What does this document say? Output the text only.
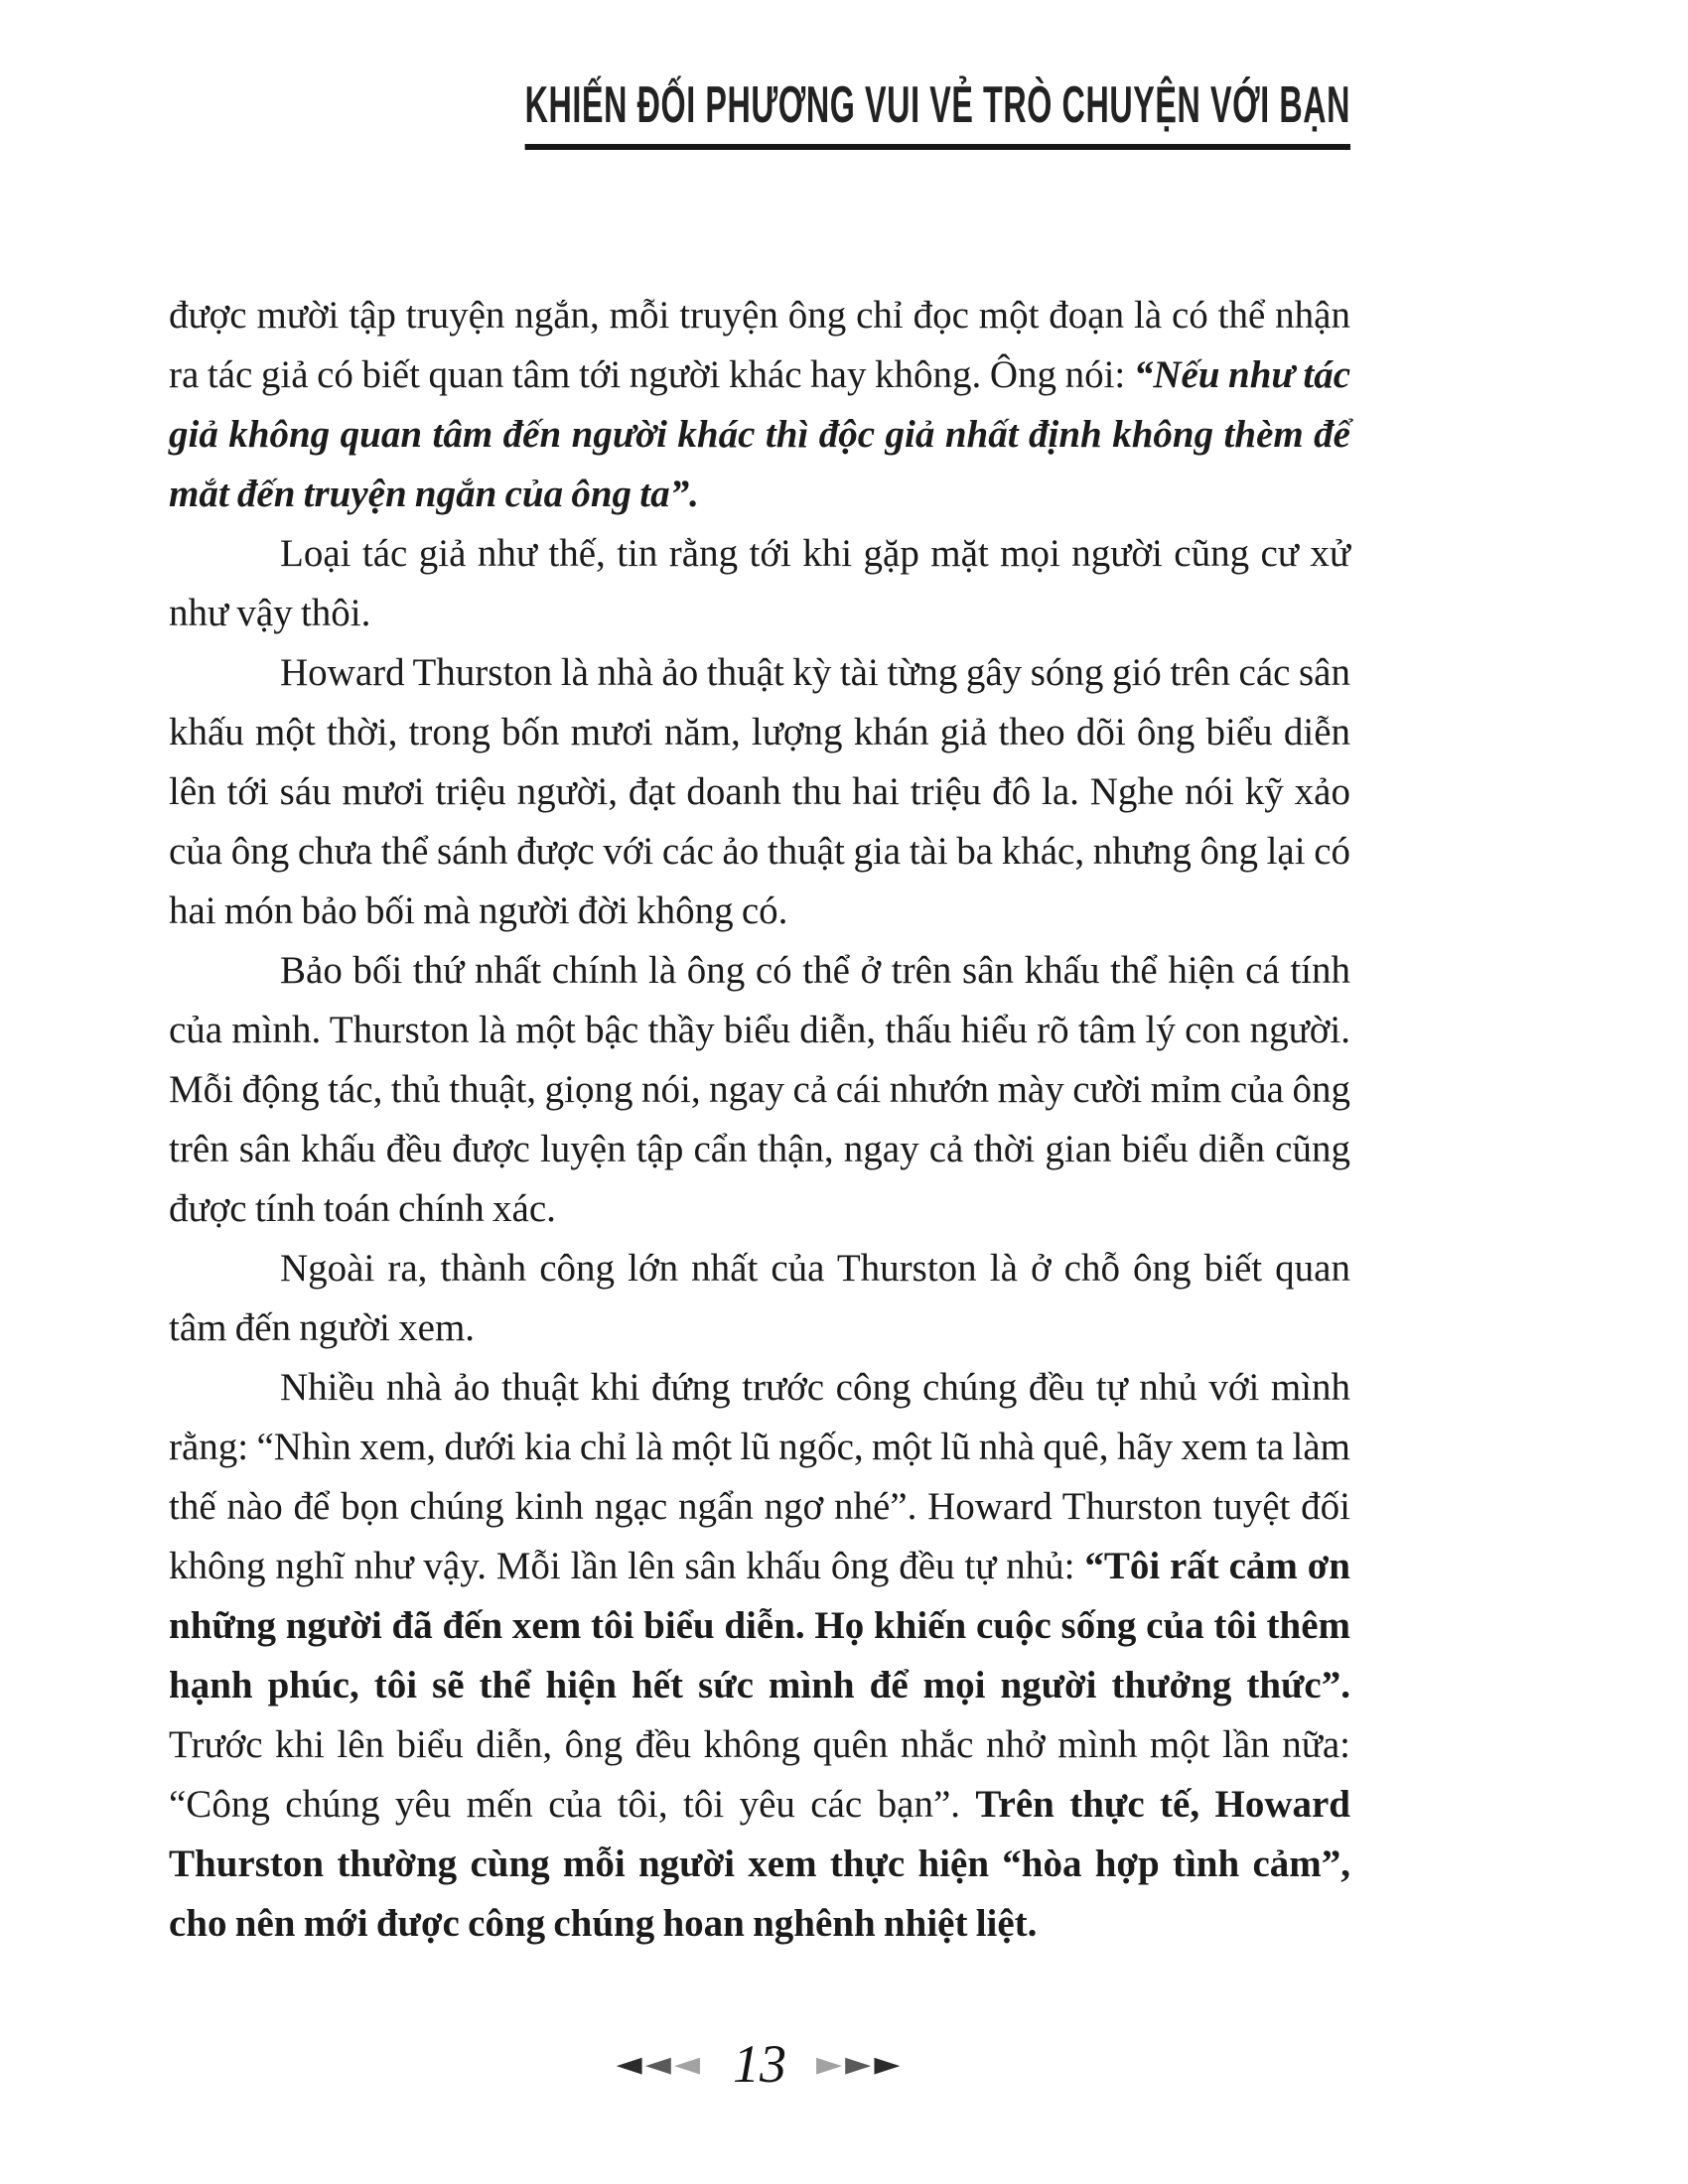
KHIẾN ĐỐI PHƯƠNG VUI VẺ TRÒ CHUYỆN VỚI BẠN

được mười tập truyện ngắn, mỗi truyện ông chỉ đọc một đoạn là có thể nhận ra tác giả có biết quan tâm tới người khác hay không. Ông nói: “Nếu như tác giả không quan tâm đến người khác thì độc giả nhất định không thèm để mắt đến truyện ngắn của ông ta”.

Loại tác giả như thế, tin rằng tới khi gặp mặt mọi người cũng cư xử như vậy thôi.

Howard Thurston là nhà ảo thuật kỳ tài từng gây sóng gió trên các sân khấu một thời, trong bốn mươi năm, lượng khán giả theo dõi ông biểu diễn lên tới sáu mươi triệu người, đạt doanh thu hai triệu đô la. Nghe nói kỹ xảo của ông chưa thể sánh được với các ảo thuật gia tài ba khác, nhưng ông lại có hai món bảo bối mà người đời không có.

Bảo bối thứ nhất chính là ông có thể ở trên sân khấu thể hiện cá tính của mình. Thurston là một bậc thầy biểu diễn, thấu hiểu rõ tâm lý con người. Mỗi động tác, thủ thuật, giọng nói, ngay cả cái nhướn mày cười mỉm của ông trên sân khấu đều được luyện tập cẩn thận, ngay cả thời gian biểu diễn cũng được tính toán chính xác.

Ngoài ra, thành công lớn nhất của Thurston là ở chỗ ông biết quan tâm đến người xem.

Nhiều nhà ảo thuật khi đứng trước công chúng đều tự nhủ với mình rằng: “Nhìn xem, dưới kia chỉ là một lũ ngốc, một lũ nhà quê, hãy xem ta làm thế nào để bọn chúng kinh ngạc ngẩn ngơ nhé”. Howard Thurston tuyệt đối không nghĩ như vậy. Mỗi lần lên sân khấu ông đều tự nhủ: “Tôi rất cảm ơn những người đã đến xem tôi biểu diễn. Họ khiến cuộc sống của tôi thêm hạnh phúc, tôi sẽ thể hiện hết sức mình để mọi người thưởng thức”. Trước khi lên biểu diễn, ông đều không quên nhắc nhở mình một lần nữa: “Công chúng yêu mến của tôi, tôi yêu các bạn”. Trên thực tế, Howard Thurston thường cùng mỗi người xem thực hiện “hòa hợp tình cảm”, cho nên mới được công chúng hoan nghênh nhiệt liệt.

◄◄◄ 13 ►►►
